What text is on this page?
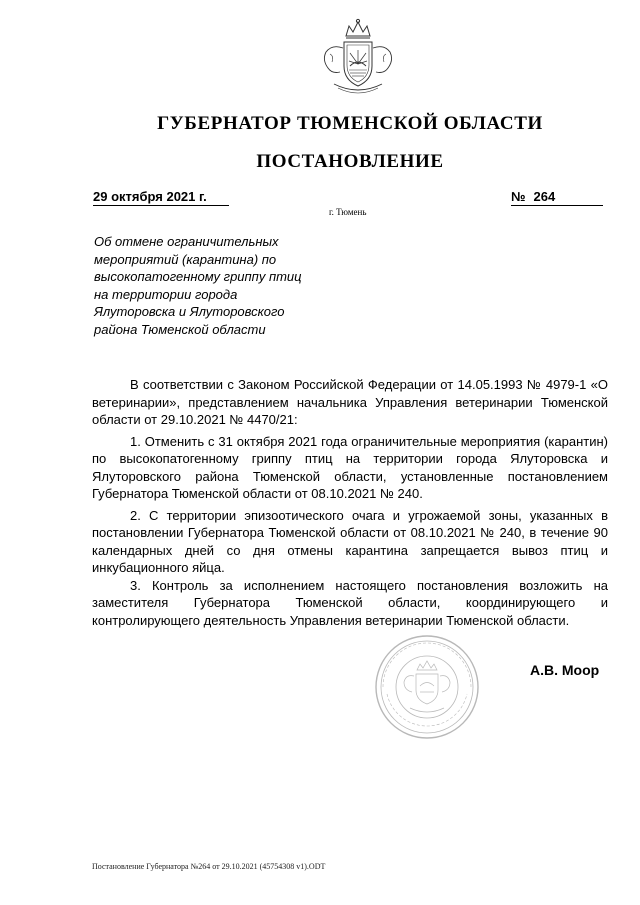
ГУБЕРНАТОР ТЮМЕНСКОЙ ОБЛАСТИ
ПОСТАНОВЛЕНИЕ
29 октября 2021 г.	№ 264
г. Тюмень
Об отмене ограничительных
мероприятий (карантина) по
высокопатогенному гриппу птиц
на территории города
Ялуторовска и Ялуторовского
района Тюменской области

В соответствии с Законом Российской Федерации от 14.05.1993 № 4979-1 «О ветеринарии», представлением начальника Управления ветеринарии Тюменской области от 29.10.2021 № 4470/21:

1. Отменить с 31 октября 2021 года ограничительные мероприятия (карантин) по высокопатогенному гриппу птиц на территории города Ялуторовска и Ялуторовского района Тюменской области, установленные постановлением Губернатора Тюменской области от 08.10.2021 № 240.

2. С территории эпизоотического очага и угрожаемой зоны, указанных в постановлении Губернатора Тюменской области от 08.10.2021 № 240, в течение 90 календарных дней со дня отмены карантина запрещается вывоз птиц и инкубационного яйца.

3. Контроль за исполнением настоящего постановления возложить на заместителя Губернатора Тюменской области, координирующего и контролирующего деятельность Управления ветеринарии Тюменской области.

А.В. Моор
Постановление Губернатора №264 от 29.10.2021 (45754308 v1).ODT
